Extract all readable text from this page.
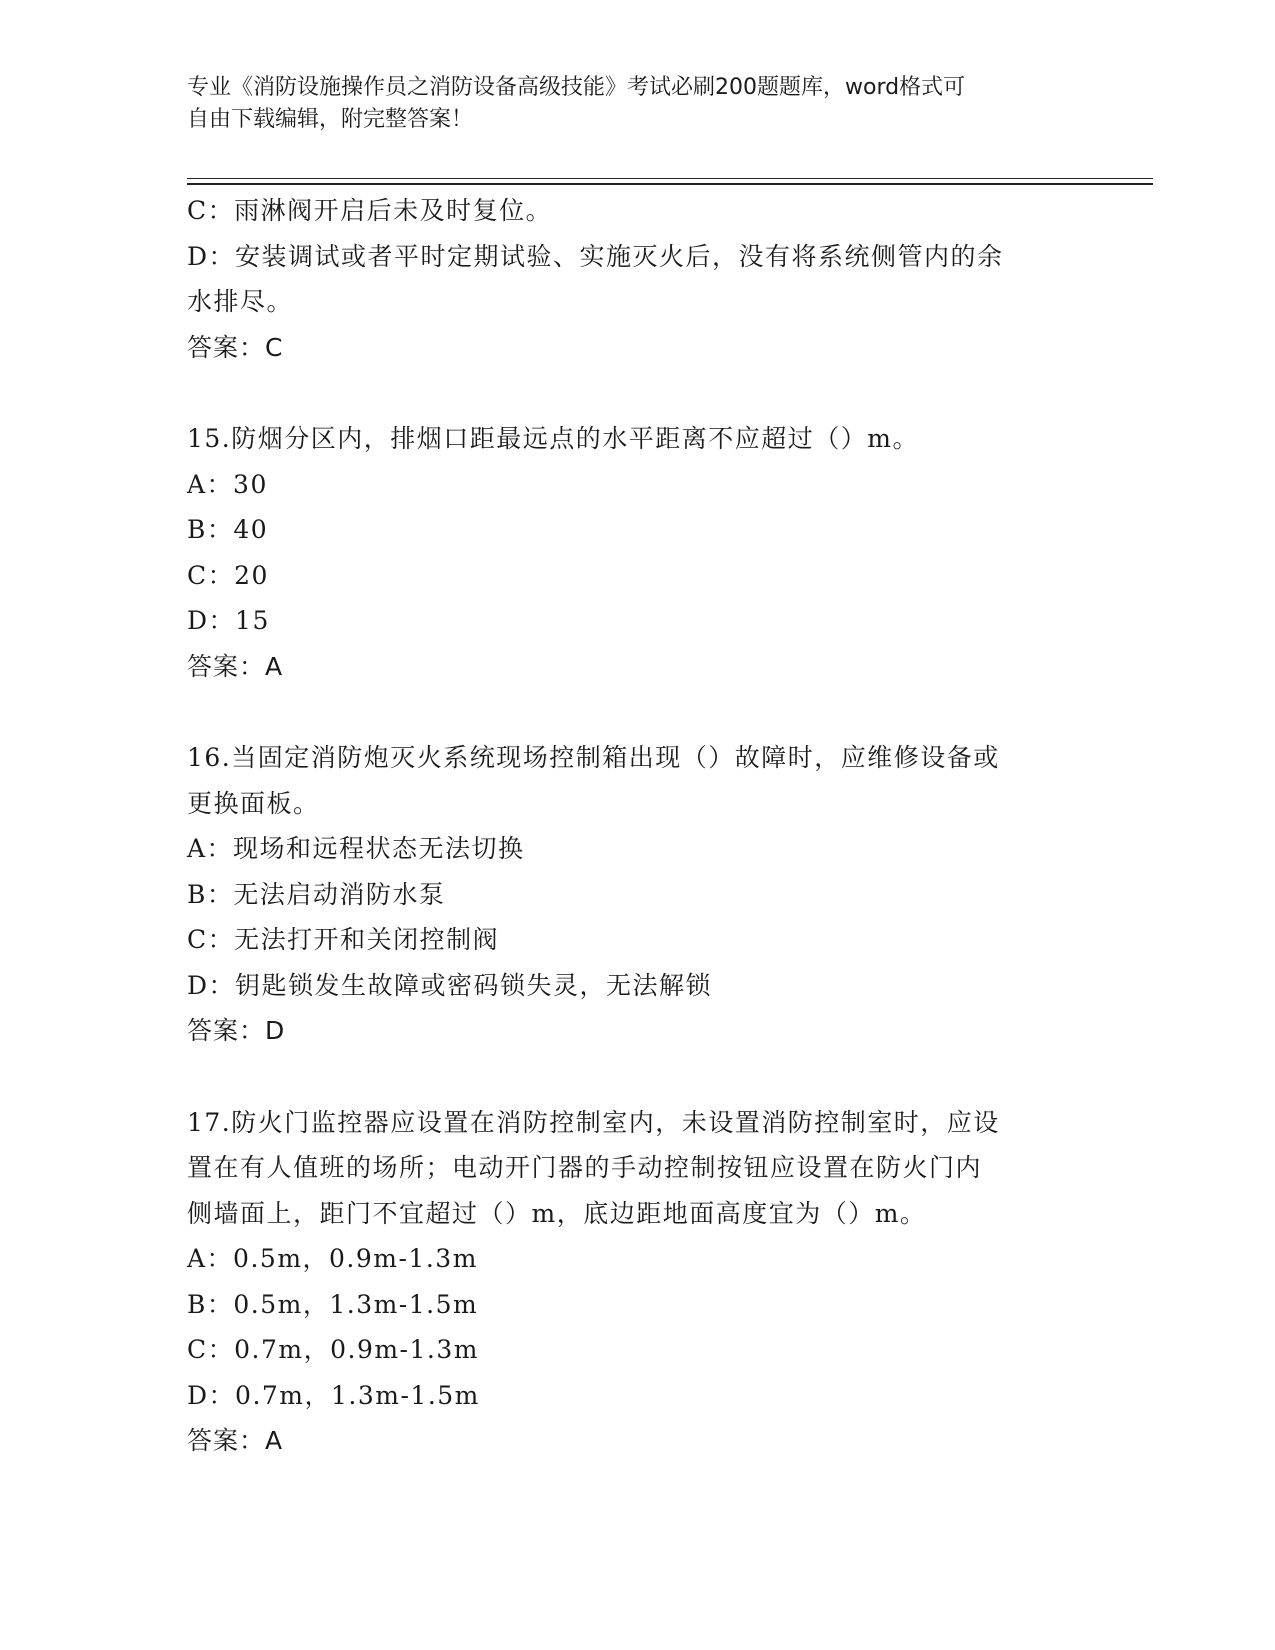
专业《消防设施操作员之消防设备高级技能》考试必刷200题题库，word格式可
自由下载编辑，附完整答案！
C：雨淋阀开启后未及时复位。
D：安装调试或者平时定期试验、实施灭火后，没有将系统侧管内的余
水排尽。
答案：C
15.防烟分区内，排烟口距最远点的水平距离不应超过（）m。
A：30
B：40
C：20
D：15
答案：A
16.当固定消防炮灭火系统现场控制箱出现（）故障时，应维修设备或
更换面板。
A：现场和远程状态无法切换
B：无法启动消防水泵
C：无法打开和关闭控制阀
D：钥匙锁发生故障或密码锁失灵，无法解锁
答案：D
17.防火门监控器应设置在消防控制室内，未设置消防控制室时，应设
置在有人值班的场所；电动开门器的手动控制按钮应设置在防火门内
侧墙面上，距门不宜超过（）m，底边距地面高度宜为（）m。
A：0.5m，0.9m-1.3m
B：0.5m，1.3m-1.5m
C：0.7m，0.9m-1.3m
D：0.7m，1.3m-1.5m
答案：A
